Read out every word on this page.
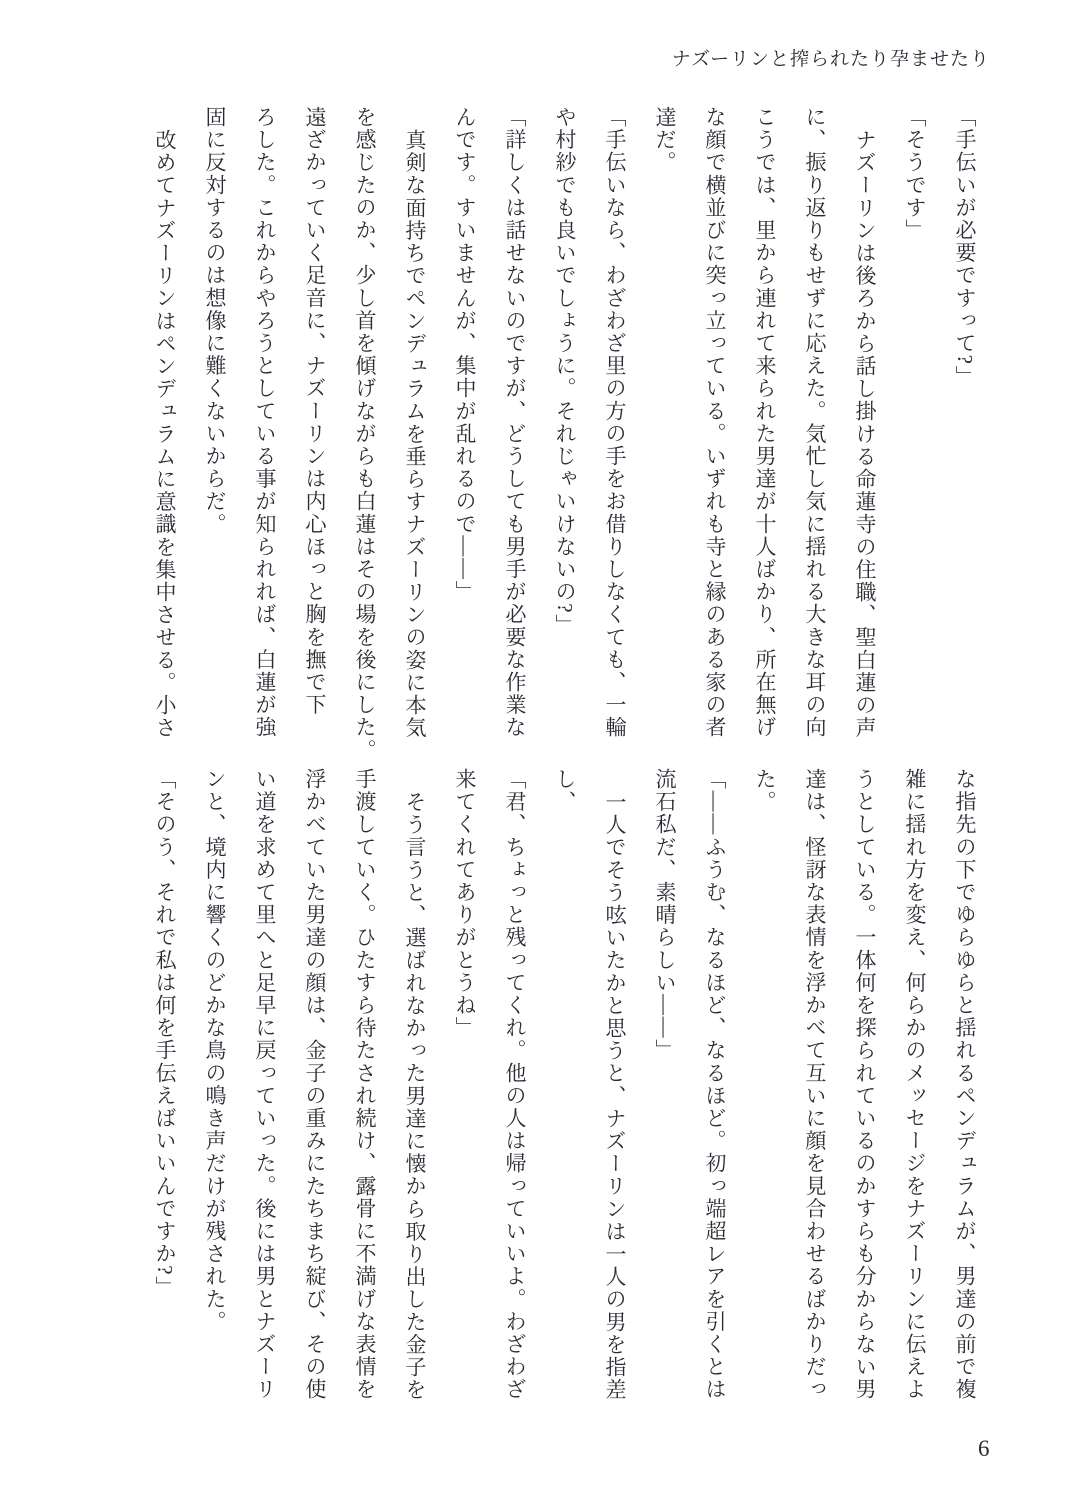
ナズーリンと搾られたり孕ませたり
「手伝いが必要ですって?」
「そうです」
ナズーリンは後ろから話し掛ける命蓮寺の住職、聖白蓮の声
に、振り返りもせずに応えた。気忙し気に揺れる大きな耳の向
こうでは、里から連れて来られた男達が十人ばかり、所在無げ
な顔で横並びに突っ立っている。いずれも寺と縁のある家の者
達だ。
「手伝いなら、わざわざ里の方の手をお借りしなくても、一輪
や村紗でも良いでしょうに。それじゃいけないの?」
「詳しくは話せないのですが、どうしても男手が必要な作業な
んです。すいませんが、集中が乱れるので――」
真剣な面持ちでペンデュラムを垂らすナズーリンの姿に本気
を感じたのか、少し首を傾げながらも白蓮はその場を後にした。
遠ざかっていく足音に、ナズーリンは内心ほっと胸を撫で下
ろした。これからやろうとしている事が知られれば、白蓮が強
固に反対するのは想像に難くないからだ。
改めてナズーリンはペンデュラムに意識を集中させる。小さ
な指先の下でゆらゆらと揺れるペンデュラムが、男達の前で複
雑に揺れ方を変え、何らかのメッセージをナズーリンに伝えよ
うとしている。一体何を探られているのかすらも分からない男
達は、怪訝な表情を浮かべて互いに顔を見合わせるばかりだっ
た。
「――ふうむ、なるほど、なるほど。初っ端超レアを引くとは
流石私だ、素晴らしい――」
一人でそう呟いたかと思うと、ナズーリンは一人の男を指差
し、
「君、ちょっと残ってくれ。他の人は帰っていいよ。わざわざ
来てくれてありがとうね」
そう言うと、選ばれなかった男達に懐から取り出した金子を
手渡していく。ひたすら待たされ続け、露骨に不満げな表情を
浮かべていた男達の顔は、金子の重みにたちまち綻び、その使
い道を求めて里へと足早に戻っていった。後には男とナズーリ
ンと、境内に響くのどかな鳥の鳴き声だけが残された。
「そのう、それで私は何を手伝えばいいんですか?」
6
